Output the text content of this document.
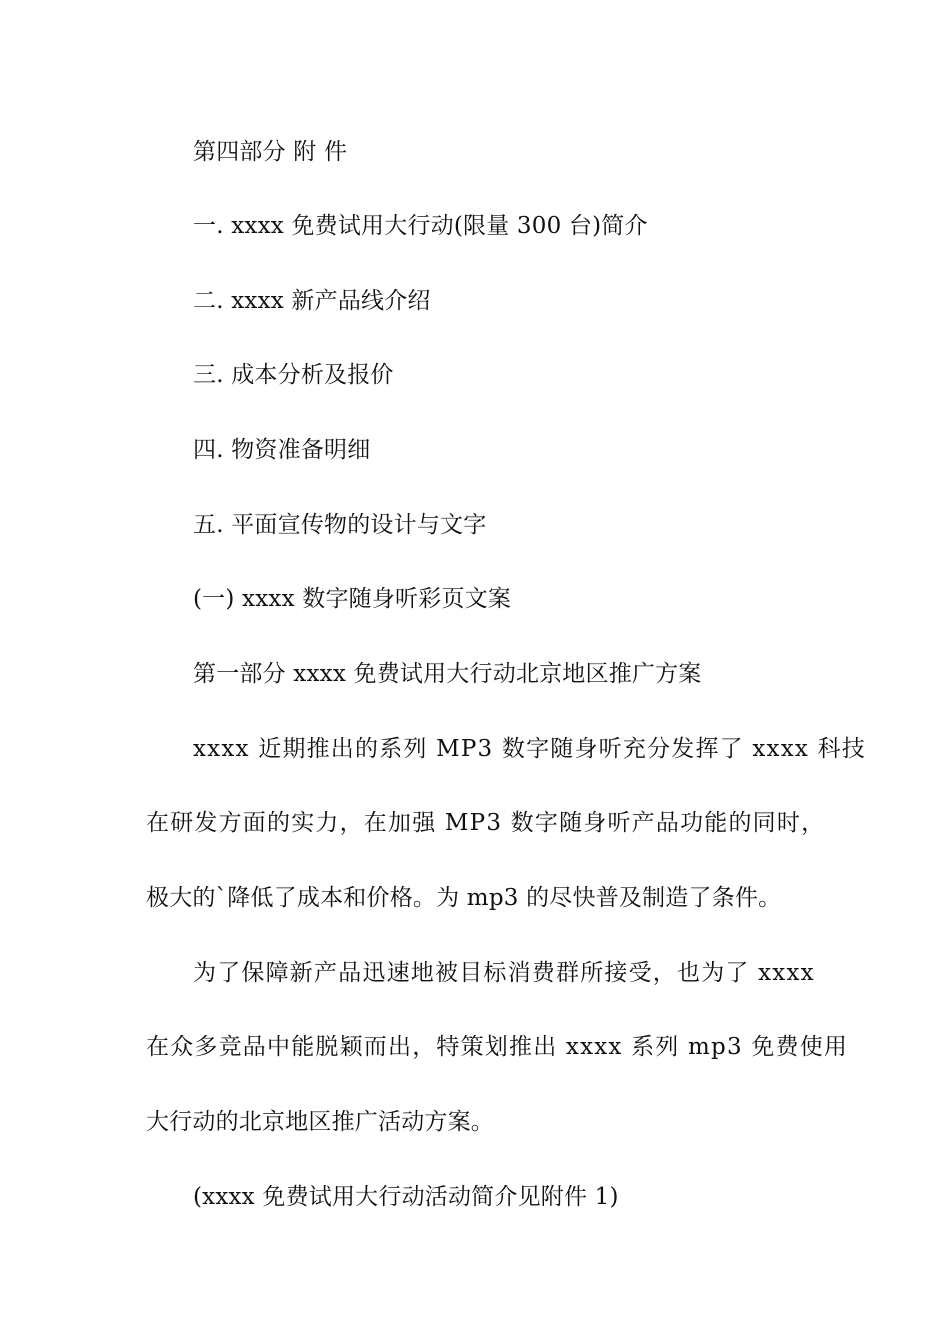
第四部分 附 件
一. xxxx 免费试用大行动(限量 300 台)简介
二. xxxx 新产品线介绍
三. 成本分析及报价
四. 物资准备明细
五. 平面宣传物的设计与文字
(一) xxxx 数字随身听彩页文案
第一部分 xxxx 免费试用大行动北京地区推广方案
xxxx 近期推出的系列 MP3 数字随身听充分发挥了 xxxx 科技
在研发方面的实力，在加强 MP3 数字随身听产品功能的同时，
极大的`降低了成本和价格。为 mp3 的尽快普及制造了条件。
为了保障新产品迅速地被目标消费群所接受，也为了 xxxx
在众多竞品中能脱颖而出，特策划推出 xxxx 系列 mp3 免费使用
大行动的北京地区推广活动方案。
(xxxx 免费试用大行动活动简介见附件 1)
